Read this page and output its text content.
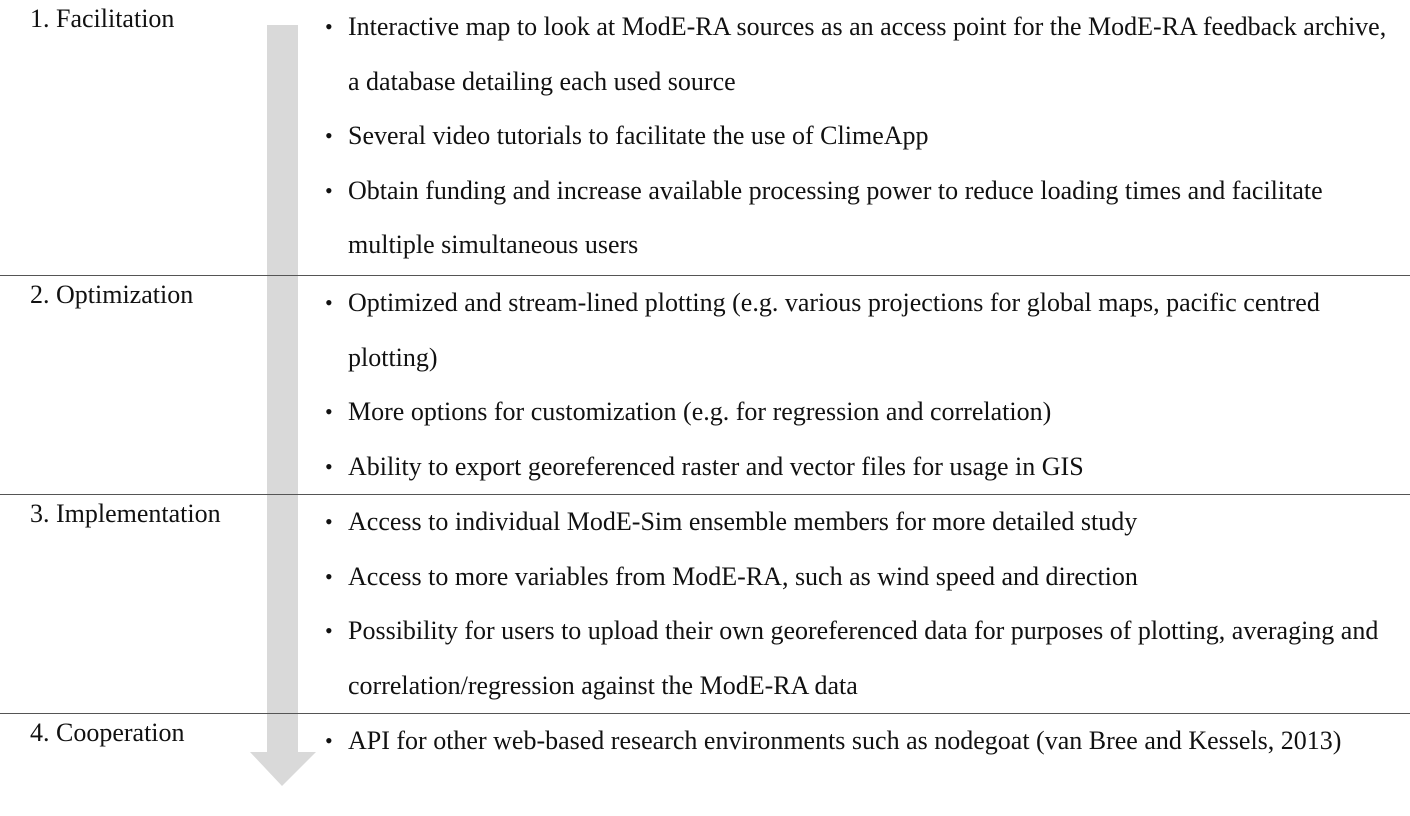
1. Facilitation	• Interactive map to look at ModE-RA sources as an access point for the ModE-RA feedback archive, a database detailing each used source
• Several video tutorials to facilitate the use of ClimeApp
• Obtain funding and increase available processing power to reduce loading times and facilitate multiple simultaneous users
2. Optimization	• Optimized and stream-lined plotting (e.g. various projections for global maps, pacific centred plotting)
• More options for customization (e.g. for regression and correlation)
• Ability to export georeferenced raster and vector files for usage in GIS
3. Implementation	• Access to individual ModE-Sim ensemble members for more detailed study
• Access to more variables from ModE-RA, such as wind speed and direction
• Possibility for users to upload their own georeferenced data for purposes of plotting, averaging and correlation/regression against the ModE-RA data
4. Cooperation	• API for other web-based research environments such as nodegoat (van Bree and Kessels, 2013)
